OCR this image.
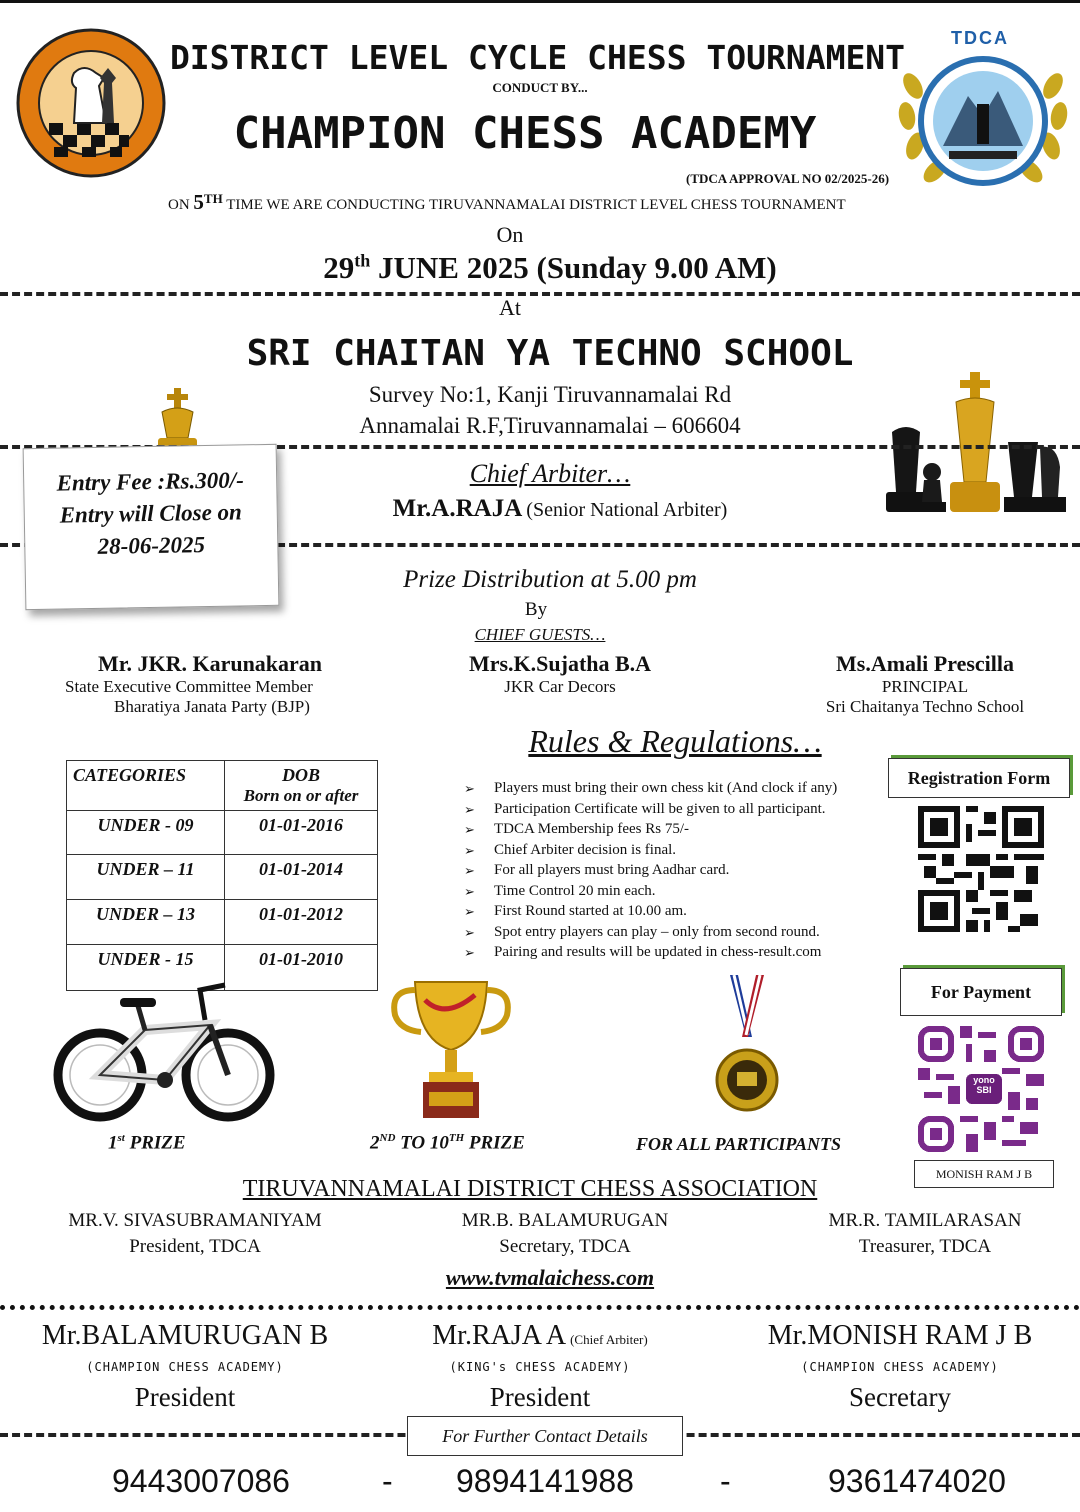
TDCA
DISTRICT LEVEL CYCLE CHESS TOURNAMENT
CONDUCT BY...
CHAMPION CHESS ACADEMY
(TDCA APPROVAL NO 02/2025-26)
ON 5TH TIME WE ARE CONDUCTING TIRUVANNAMALAI DISTRICT LEVEL CHESS TOURNAMENT
On
29th JUNE 2025 (Sunday 9.00 AM)
At
SRI CHAITAN YA TECHNO SCHOOL
Survey No:1, Kanji Tiruvannamalai Rd
Annamalai R.F,Tiruvannamalai – 606604
Entry Fee :Rs.300/-
Entry will Close on
28-06-2025
Chief Arbiter…
Mr.A.RAJA (Senior National Arbiter)
Prize Distribution at 5.00 pm
By
CHIEF GUESTS…
Mr. JKR. Karunakaran
State Executive Committee Member
Bharatiya Janata Party (BJP)
Mrs.K.Sujatha B.A
JKR Car Decors
Ms.Amali Prescilla
PRINCIPAL
Sri Chaitanya Techno School
Rules & Regulations…
CATEGORIES	DOB
Born on or after

UNDER - 09	01-01-2016
UNDER – 11	01-01-2014
UNDER – 13	01-01-2012
UNDER - 15	01-01-2010
➢ Players must bring their own chess kit (And clock if any)
➢ Participation Certificate will be given to all participant.
➢ TDCA Membership fees Rs 75/-
➢ Chief Arbiter decision is final.
➢ For all players must bring Aadhar card.
➢ Time Control 20 min each.
➢ First Round started at 10.00 am.
➢ Spot entry players can play – only from second round.
➢ Pairing and results will be updated in chess-result.com
Registration Form
For Payment
yono SBI
MONISH RAM J B
1st PRIZE	2ND TO 10TH PRIZE	FOR ALL PARTICIPANTS
TIRUVANNAMALAI DISTRICT CHESS ASSOCIATION
MR.V. SIVASUBRAMANIYAM
President, TDCA
MR.B. BALAMURUGAN
Secretary, TDCA
MR.R. TAMILARASAN
Treasurer, TDCA
www.tvmalaichess.com
Mr.BALAMURUGAN B
(CHAMPION CHESS ACADEMY)
President
Mr.RAJA A (Chief Arbiter)
(KING's CHESS ACADEMY)
President
Mr.MONISH RAM J B
(CHAMPION CHESS ACADEMY)
Secretary
For Further Contact Details
9443007086	- 9894141988	-	9361474020
